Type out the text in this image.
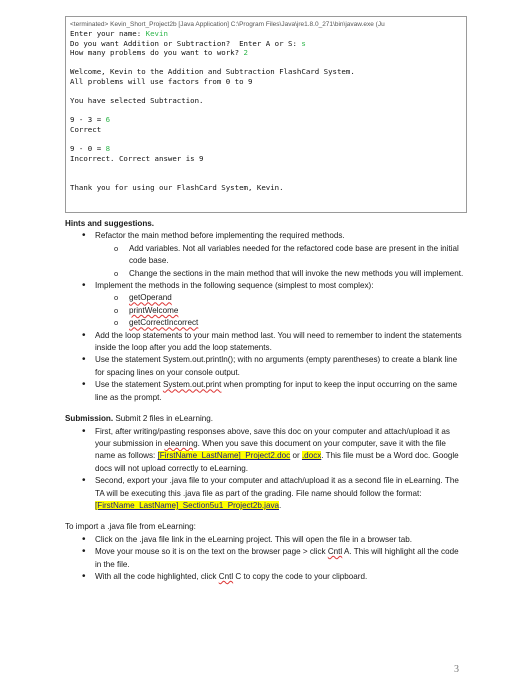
<terminated> Kevin_Short_Project2b [Java Application] C:\Program Files\Java\jre1.8.0_271\bin\javaw.exe (Ju
Enter your name: Kevin
Do you want Addition or Subtraction?  Enter A or S: s
How many problems do you want to work? 2
Welcome, Kevin to the Addition and Subtraction FlashCard System.
All problems will use factors from 0 to 9
You have selected Subtraction.
9 - 3 = 6
Correct
9 - 0 = 8
Incorrect. Correct answer is 9
Thank you for using our FlashCard System, Kevin.

Hints and suggestions.

• Refactor the main method before implementing the required methods.
o Add variables. Not all variables needed for the refactored code base are present in the initial code base.
o Change the sections in the main method that will invoke the new methods you will implement.
• Implement the methods in the following sequence (simplest to most complex):
o getOperand
o printWelcome
o getCorrectIncorrect
• Add the loop statements to your main method last. You will need to remember to indent the statements inside the loop after you add the loop statements.
• Use the statement System.out.println(); with no arguments (empty parentheses) to create a blank line for spacing lines on your console output.
• Use the statement System.out.print when prompting for input to keep the input occurring on the same line as the prompt.

Submission. Submit 2 files in eLearning.

• First, after writing/pasting responses above, save this doc on your computer and attach/upload it as your submission in elearning. When you save this document on your computer, save it with the file name as follows: [FirstName_LastName]_Project2.doc or .docx. This file must be a Word doc. Google docs will not upload correctly to eLearning.
• Second, export your .java file to your computer and attach/upload it as a second file in eLearning. The TA will be executing this .java file as part of the grading. File name should follow the format: [FirstName_LastName]_Section5u1_Project2b.java.

To import a .java file from eLearning:

• Click on the .java file link in the eLearning project. This will open the file in a browser tab.
• Move your mouse so it is on the text on the browser page > click Cntl A. This will highlight all the code in the file.
• With all the code highlighted, click Cntl C to copy the code to your clipboard.
3
